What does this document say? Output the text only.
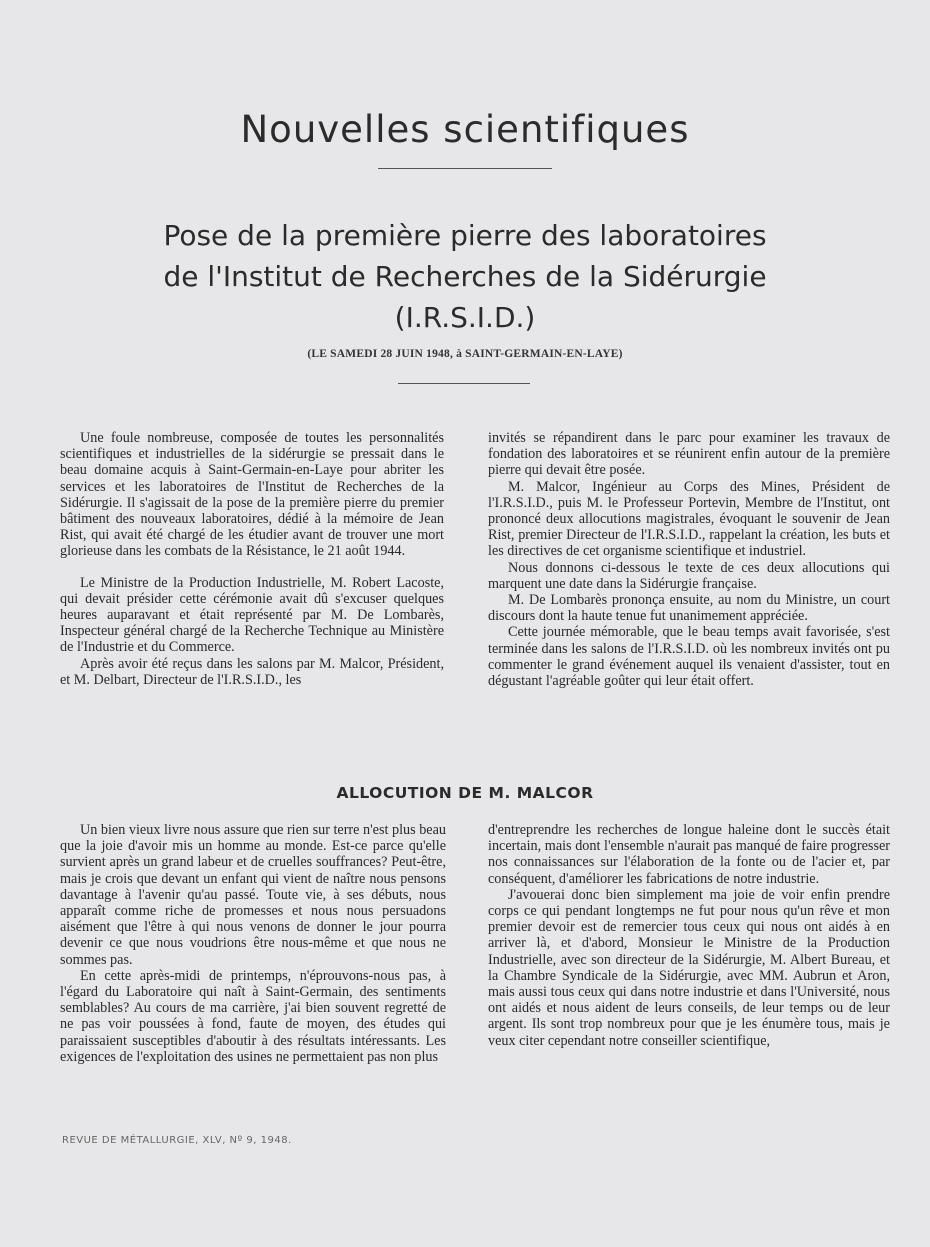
Nouvelles scientifiques
Pose de la première pierre des laboratoires
de l'Institut de Recherches de la Sidérurgie
(I.R.S.I.D.)
(LE SAMEDI 28 JUIN 1948, à SAINT-GERMAIN-EN-LAYE)

Une foule nombreuse, composée de toutes les personnalités scientifiques et industrielles de la sidérurgie se pressait dans le beau domaine acquis à Saint-Germain-en-Laye pour abriter les services et les laboratoires de l'Institut de Recherches de la Sidérurgie. Il s'agissait de la pose de la première pierre du premier bâtiment des nouveaux laboratoires, dédié à la mémoire de Jean Rist, qui avait été chargé de les étudier avant de trouver une mort glorieuse dans les combats de la Résistance, le 21 août 1944.

Le Ministre de la Production Industrielle, M. Robert Lacoste, qui devait présider cette cérémonie avait dû s'excuser quelques heures auparavant et était représenté par M. De Lombarès, Inspecteur général chargé de la Recherche Technique au Ministère de l'Industrie et du Commerce.

Après avoir été reçus dans les salons par M. Malcor, Président, et M. Delbart, Directeur de l'I.R.S.I.D., les

invités se répandirent dans le parc pour examiner les travaux de fondation des laboratoires et se réunirent enfin autour de la première pierre qui devait être posée.

M. Malcor, Ingénieur au Corps des Mines, Président de l'I.R.S.I.D., puis M. le Professeur Portevin, Membre de l'Institut, ont prononcé deux allocutions magistrales, évoquant le souvenir de Jean Rist, premier Directeur de l'I.R.S.I.D., rappelant la création, les buts et les directives de cet organisme scientifique et industriel.

Nous donnons ci-dessous le texte de ces deux allocutions qui marquent une date dans la Sidérurgie française.

M. De Lombarès prononça ensuite, au nom du Ministre, un court discours dont la haute tenue fut unanimement appréciée.

Cette journée mémorable, que le beau temps avait favorisée, s'est terminée dans les salons de l'I.R.S.I.D. où les nombreux invités ont pu commenter le grand événement auquel ils venaient d'assister, tout en dégustant l'agréable goûter qui leur était offert.

ALLOCUTION DE M. MALCOR

Un bien vieux livre nous assure que rien sur terre n'est plus beau que la joie d'avoir mis un homme au monde. Est-ce parce qu'elle survient après un grand labeur et de cruelles souffrances? Peut-être, mais je crois que devant un enfant qui vient de naître nous pensons davantage à l'avenir qu'au passé. Toute vie, à ses débuts, nous apparaît comme riche de promesses et nous nous persuadons aisément que l'être à qui nous venons de donner le jour pourra devenir ce que nous voudrions être nous-même et que nous ne sommes pas.

En cette après-midi de printemps, n'éprouvons-nous pas, à l'égard du Laboratoire qui naît à Saint-Germain, des sentiments semblables? Au cours de ma carrière, j'ai bien souvent regretté de ne pas voir poussées à fond, faute de moyen, des études qui paraissaient susceptibles d'aboutir à des résultats intéressants. Les exigences de l'exploitation des usines ne permettaient pas non plus

d'entreprendre les recherches de longue haleine dont le succès était incertain, mais dont l'ensemble n'aurait pas manqué de faire progresser nos connaissances sur l'élaboration de la fonte ou de l'acier et, par conséquent, d'améliorer les fabrications de notre industrie.

J'avouerai donc bien simplement ma joie de voir enfin prendre corps ce qui pendant longtemps ne fut pour nous qu'un rêve et mon premier devoir est de remercier tous ceux qui nous ont aidés à en arriver là, et d'abord, Monsieur le Ministre de la Production Industrielle, avec son directeur de la Sidérurgie, M. Albert Bureau, et la Chambre Syndicale de la Sidérurgie, avec MM. Aubrun et Aron, mais aussi tous ceux qui dans notre industrie et dans l'Université, nous ont aidés et nous aident de leurs conseils, de leur temps ou de leur argent. Ils sont trop nombreux pour que je les énumère tous, mais je veux citer cependant notre conseiller scientifique,

REVUE DE MÉTALLURGIE, XLV, Nº 9, 1948.
